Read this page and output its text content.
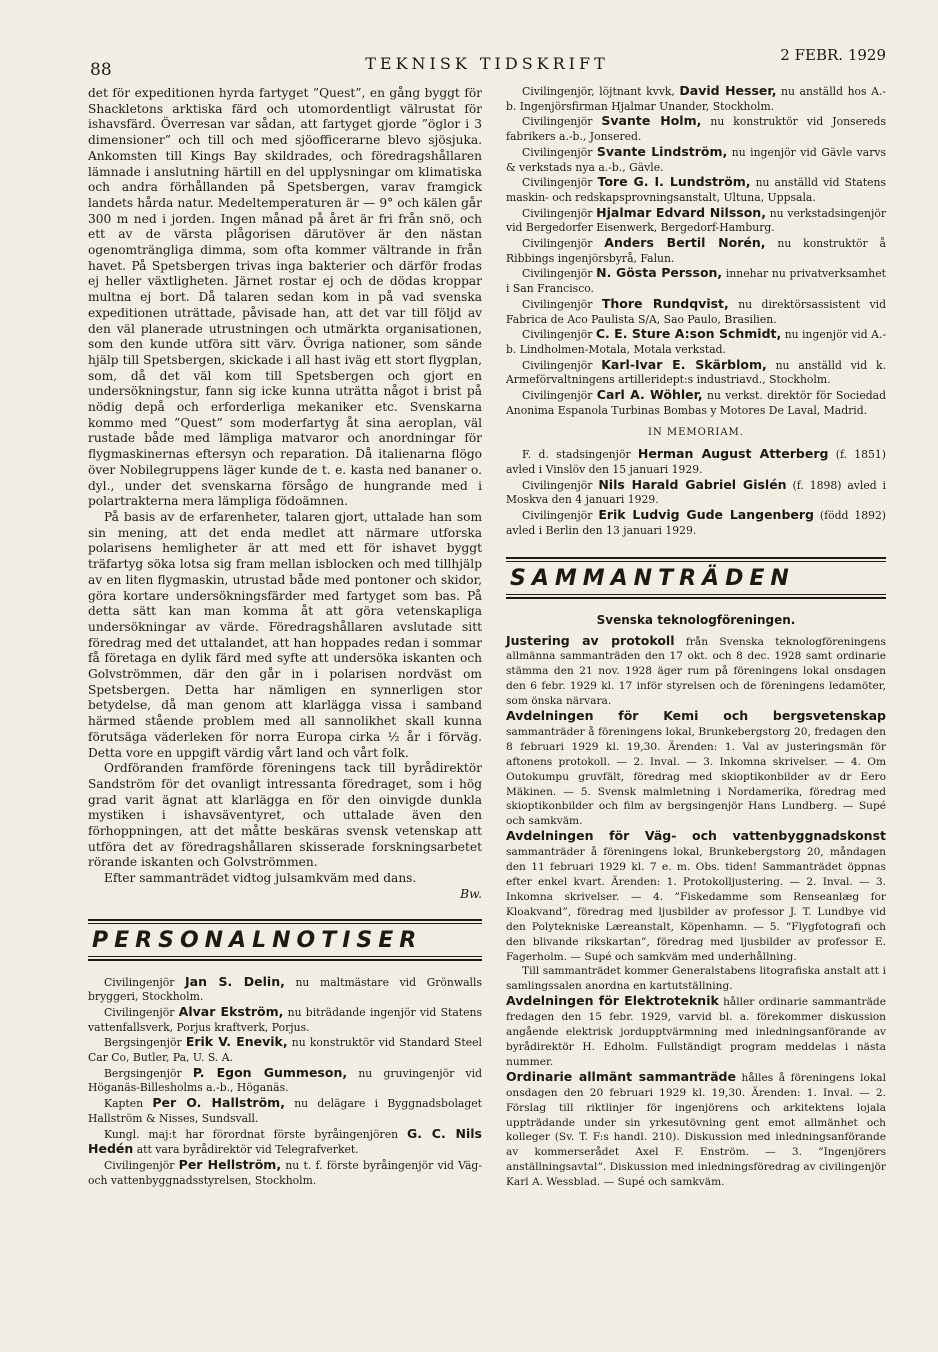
88	TEKNISK TIDSKRIFT	2 FEBR. 1929

det för expeditionen hyrda fartyget ”Quest”, en gång byggt för Shackletons arktiska färd och utomordentligt välrustat för ishavsfärd. Överresan var sådan, att fartyget gjorde ”öglor i 3 dimensioner” och till och med sjöofficerarne blevo sjösjuka. Ankomsten till Kings Bay skildrades, och föredragshållaren lämnade i anslutning härtill en del upplysningar om klimatiska och andra förhållanden på Spetsbergen, varav framgick landets hårda natur. Medeltemperaturen är — 9° och kälen går 300 m ned i jorden. Ingen månad på året är fri från snö, och ett av de värsta plågorisen därutöver är den nästan ogenomträngliga dimma, som ofta kommer vältrande in från havet. På Spetsbergen trivas inga bakterier och därför frodas ej heller växtligheten. Järnet rostar ej och de dödas kroppar multna ej bort. Då talaren sedan kom in på vad svenska expeditionen uträttade, påvisade han, att det var till följd av den väl planerade utrustningen och utmärkta organisationen, som den kunde utföra sitt värv. Övriga nationer, som sände hjälp till Spetsbergen, skickade i all hast iväg ett stort flygplan, som, då det väl kom till Spetsbergen och gjort en undersökningstur, fann sig icke kunna uträtta något i brist på nödig depå och erforderliga mekaniker etc. Svenskarna kommo med ”Quest” som moderfartyg åt sina aeroplan, väl rustade både med lämpliga matvaror och anordningar för flygmaskinernas eftersyn och reparation. Då italienarna flögo över Nobilegruppens läger kunde de t. e. kasta ned bananer o. dyl., under det svenskarna försågo de hungrande med i polartrakterna mera lämpliga födoämnen.

På basis av de erfarenheter, talaren gjort, uttalade han som sin mening, att det enda medlet att närmare utforska polarisens hemligheter är att med ett för ishavet byggt träfartyg söka lotsa sig fram mellan isblocken och med tillhjälp av en liten flygmaskin, utrustad både med pontoner och skidor, göra kortare undersökningsfärder med fartyget som bas. På detta sätt kan man komma åt att göra vetenskapliga undersökningar av värde. Föredragshållaren avslutade sitt föredrag med det uttalandet, att han hoppades redan i sommar få företaga en dylik färd med syfte att undersöka iskanten och Golvströmmen, där den går in i polarisen nordväst om Spetsbergen. Detta har nämligen en synnerligen stor betydelse, då man genom att klarlägga vissa i samband härmed stående problem med all sannolikhet skall kunna förutsäga väderleken för norra Europa cirka ½ år i förväg. Detta vore en uppgift värdig vårt land och vårt folk.

Ordföranden framförde föreningens tack till byrådirektör Sandström för det ovanligt intressanta föredraget, som i hög grad varit ägnat att klarlägga en för den oinvigde dunkla mystiken i ishavsäventyret, och uttalade även den förhoppningen, att det måtte beskäras svensk vetenskap att utföra det av föredragshållaren skisserade forskningsarbetet rörande iskanten och Golvströmmen.

Efter sammanträdet vidtog julsamkväm med dans.

Bw.
PERSONALNOTISER

Civilingenjör Jan S. Delin, nu maltmästare vid Grönwalls bryggeri, Stockholm.

Civilingenjör Alvar Ekström, nu biträdande ingenjör vid Statens vattenfallsverk, Porjus kraftverk, Porjus.

Bergsingenjör Erik V. Enevik, nu konstruktör vid Standard Steel Car Co, Butler, Pa, U. S. A.

Bergsingenjör P. Egon Gummeson, nu gruvingenjör vid Höganäs-Billesholms a.-b., Höganäs.

Kapten Per O. Hallström, nu delägare i Byggnadsbolaget Hallström & Nisses, Sundsvall.

Kungl. maj:t har förordnat förste byråingenjören G. C. Nils Hedén att vara byrådirektör vid Telegrafverket.

Civilingenjör Per Hellström, nu t. f. förste byråingenjör vid Väg- och vattenbyggnadsstyrelsen, Stockholm.

Civilingenjör, löjtnant kvvk, David Hesser, nu anställd hos A.-b. Ingenjörsfirman Hjalmar Unander, Stockholm.

Civilingenjör Svante Holm, nu konstruktör vid Jonsereds fabrikers a.-b., Jonsered.

Civilingenjör Svante Lindström, nu ingenjör vid Gävle varvs & verkstads nya a.-b., Gävle.

Civilingenjör Tore G. I. Lundström, nu anställd vid Statens maskin- och redskapsprovningsanstalt, Ultuna, Uppsala.

Civilingenjör Hjalmar Edvard Nilsson, nu verkstadsingenjör vid Bergedorfer Eisenwerk, Bergedorf-Hamburg.

Civilingenjör Anders Bertil Norén, nu konstruktör å Ribbings ingenjörsbyrå, Falun.

Civilingenjör N. Gösta Persson, innehar nu privatverksamhet i San Francisco.

Civilingenjör Thore Rundqvist, nu direktörsassistent vid Fabrica de Aco Paulista S/A, Sao Paulo, Brasilien.

Civilingenjör C. E. Sture A:son Schmidt, nu ingenjör vid A.-b. Lindholmen-Motala, Motala verkstad.

Civilingenjör Karl-Ivar E. Skärblom, nu anställd vid k. Armeförvaltningens artilleridept:s industriavd., Stockholm.

Civilingenjör Carl A. Wöhler, nu verkst. direktör för Sociedad Anonima Espanola Turbinas Bombas y Motores De Laval, Madrid.

IN MEMORIAM.

F. d. stadsingenjör Herman August Atterberg (f. 1851) avled i Vinslöv den 15 januari 1929.

Civilingenjör Nils Harald Gabriel Gislén (f. 1898) avled i Moskva den 4 januari 1929.

Civilingenjör Erik Ludvig Gude Langenberg (född 1892) avled i Berlin den 13 januari 1929.

SAMMANTRÄDEN
Svenska teknologföreningen.

Justering av protokoll från Svenska teknologföreningens allmänna sammanträden den 17 okt. och 8 dec. 1928 samt ordinarie stämma den 21 nov. 1928 äger rum på föreningens lokal onsdagen den 6 febr. 1929 kl. 17 inför styrelsen och de föreningens ledamöter, som önska närvara.

Avdelningen för Kemi och bergsvetenskap sammanträder å föreningens lokal, Brunkebergstorg 20, fredagen den 8 februari 1929 kl. 19,30. Ärenden: 1. Val av justeringsmän för aftonens protokoll. — 2. Inval. — 3. Inkomna skrivelser. — 4. Om Outokumpu gruvfält, föredrag med skioptikonbilder av dr Eero Mäkinen. — 5. Svensk malmletning i Nordamerika, föredrag med skioptikonbilder och film av bergsingenjör Hans Lundberg. — Supé och samkväm.

Avdelningen för Väg- och vattenbyggnadskonst sammanträder å föreningens lokal, Brunkebergstorg 20, måndagen den 11 februari 1929 kl. 7 e. m. Obs. tiden! Sammanträdet öppnas efter enkel kvart. Ärenden: 1. Protokolljustering. — 2. Inval. — 3. Inkomna skrivelser. — 4. ”Fiskedamme som Renseanlæg for Kloakvand”, föredrag med ljusbilder av professor J. T. Lundbye vid den Polytekniske Læreanstalt, Köpenhamn. — 5. ”Flygfotografi och den blivande rikskartan”, föredrag med ljusbilder av professor E. Fagerholm. — Supé och samkväm med underhållning.

Till sammanträdet kommer Generalstabens litografiska anstalt att i samlingssalen anordna en kartutställning.

Avdelningen för Elektroteknik håller ordinarie sammanträde fredagen den 15 febr. 1929, varvid bl. a. förekommer diskussion angående elektrisk jordupptvärmning med inledningsanförande av byrådirektör H. Edholm. Fullständigt program meddelas i nästa nummer.

Ordinarie allmänt sammanträde hålles å föreningens lokal onsdagen den 20 februari 1929 kl. 19,30. Ärenden: 1. Inval. — 2. Förslag till riktlinjer för ingenjörens och arkitektens lojala uppträdande under sin yrkesutövning gent emot allmänhet och kolleger (Sv. T. F:s handl. 210). Diskussion med inledningsanförande av kommerserådet Axel F. Enström. — 3. ”Ingenjörers anställningsavtal”. Diskussion med inledningsföredrag av civilingenjör Karl A. Wessblad. — Supé och samkväm.
